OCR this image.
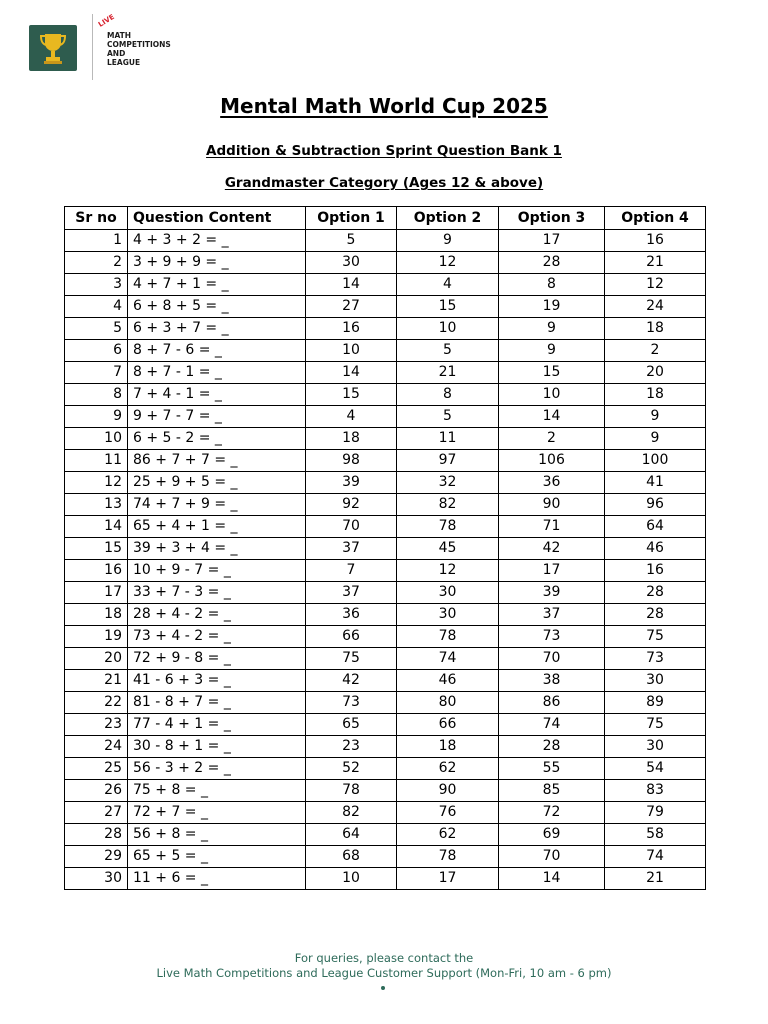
LIVE
MATH
COMPETITIONS
AND
LEAGUE
Mental Math World Cup 2025
Addition & Subtraction Sprint Question Bank 1
Grandmaster Category (Ages 12 & above)
Sr no	Question Content	Option 1	Option 2	Option 3	Option 4
1	4 + 3 + 2 = _	5	9	17	16
2	3 + 9 + 9 = _	30	12	28	21
3	4 + 7 + 1 = _	14	4	8	12
4	6 + 8 + 5 = _	27	15	19	24
5	6 + 3 + 7 = _	16	10	9	18
6	8 + 7 - 6 = _	10	5	9	2
7	8 + 7 - 1 = _	14	21	15	20
8	7 + 4 - 1 = _	15	8	10	18
9	9 + 7 - 7 = _	4	5	14	9
10	6 + 5 - 2 = _	18	11	2	9
11	86 + 7 + 7 = _	98	97	106	100
12	25 + 9 + 5 = _	39	32	36	41
13	74 + 7 + 9 = _	92	82	90	96
14	65 + 4 + 1 = _	70	78	71	64
15	39 + 3 + 4 = _	37	45	42	46
16	10 + 9 - 7 = _	7	12	17	16
17	33 + 7 - 3 = _	37	30	39	28
18	28 + 4 - 2 = _	36	30	37	28
19	73 + 4 - 2 = _	66	78	73	75
20	72 + 9 - 8 = _	75	74	70	73
21	41 - 6 + 3 = _	42	46	38	30
22	81 - 8 + 7 = _	73	80	86	89
23	77 - 4 + 1 = _	65	66	74	75
24	30 - 8 + 1 = _	23	18	28	30
25	56 - 3 + 2 = _	52	62	55	54
26	75 + 8 = _	78	90	85	83
27	72 + 7 = _	82	76	72	79
28	56 + 8 = _	64	62	69	58
29	65 + 5 = _	68	78	70	74
30	11 + 6 = _	10	17	14	21
For queries, please contact the
Live Math Competitions and League Customer Support (Mon-Fri, 10 am - 6 pm)
